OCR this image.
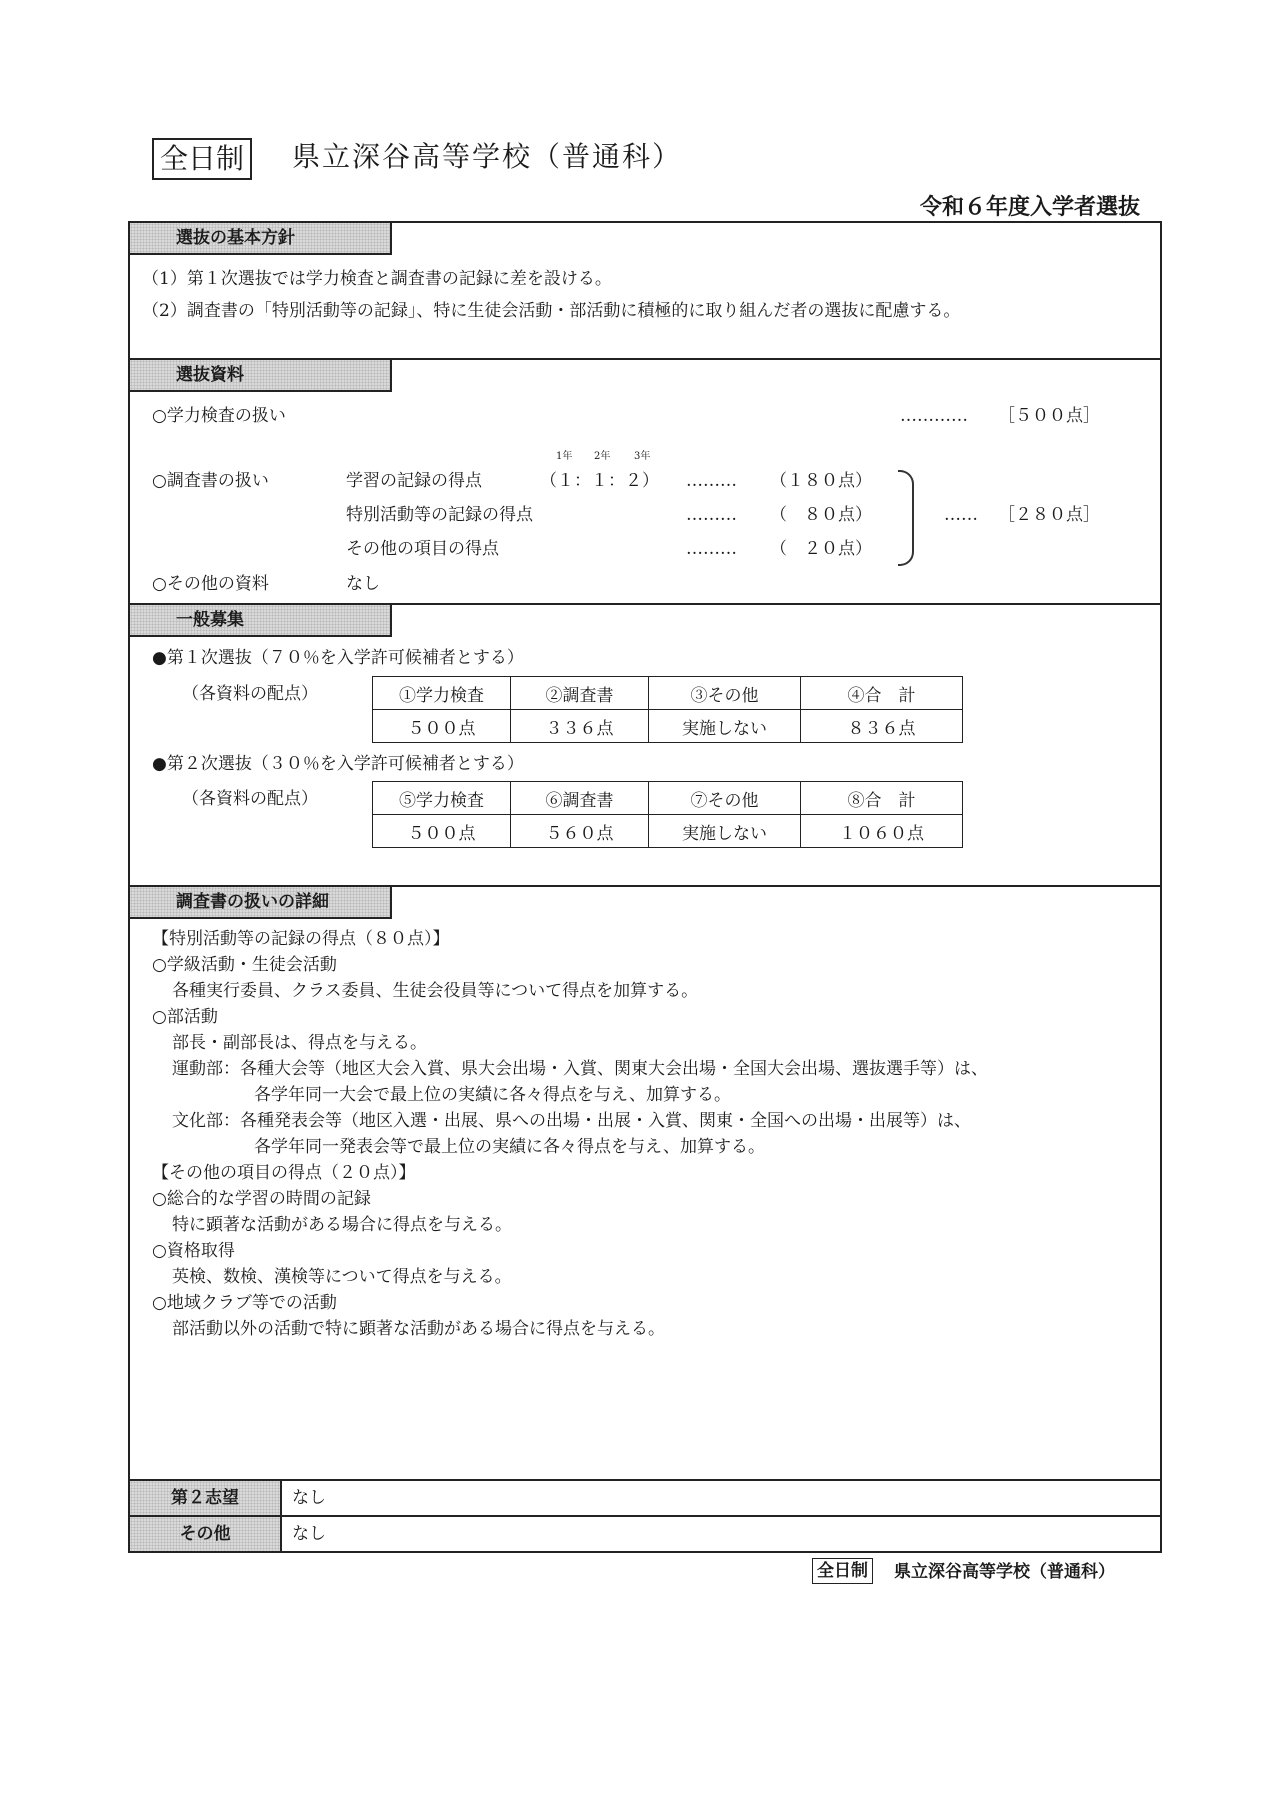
全日制 県立深谷高等学校（普通科）
令和６年度入学者選抜
選抜の基本方針
（1）第１次選抜では学力検査と調査書の記録に差を設ける。
（2）調査書の「特別活動等の記録」、特に生徒会活動・部活動に積極的に取り組んだ者の選抜に配慮する。
選抜資料
○学力検査の扱い	………… ［５００点］
1年 2年 3年
○調査書の扱い	学習の記録の得点	（１：１：２） ……… （１８０点）
特別活動等の記録の得点	……… （　８０点）
その他の項目の得点	……… （　２０点）
…… ［２８０点］
○その他の資料	なし
一般募集
●第１次選抜（７０％を入学許可候補者とする）
（各資料の配点）	①学力検査	②調査書	③その他	④合　計
５００点	３３６点	実施しない	８３６点
●第２次選抜（３０％を入学許可候補者とする）
（各資料の配点）	⑤学力検査	⑥調査書	⑦その他	⑧合　計
５００点	５６０点	実施しない	１０６０点
調査書の扱いの詳細
【特別活動等の記録の得点（８０点）】
○学級活動・生徒会活動
各種実行委員、クラス委員、生徒会役員等について得点を加算する。
○部活動
部長・副部長は、得点を与える。
運動部：各種大会等（地区大会入賞、県大会出場・入賞、関東大会出場・全国大会出場、選抜選手等）は、
各学年同一大会で最上位の実績に各々得点を与え、加算する。
文化部：各種発表会等（地区入選・出展、県への出場・出展・入賞、関東・全国への出場・出展等）は、
各学年同一発表会等で最上位の実績に各々得点を与え、加算する。
【その他の項目の得点（２０点）】
○総合的な学習の時間の記録
特に顕著な活動がある場合に得点を与える。
○資格取得
英検、数検、漢検等について得点を与える。
○地域クラブ等での活動
部活動以外の活動で特に顕著な活動がある場合に得点を与える。
第２志望	なし
その他	なし
全日制 県立深谷高等学校（普通科）
